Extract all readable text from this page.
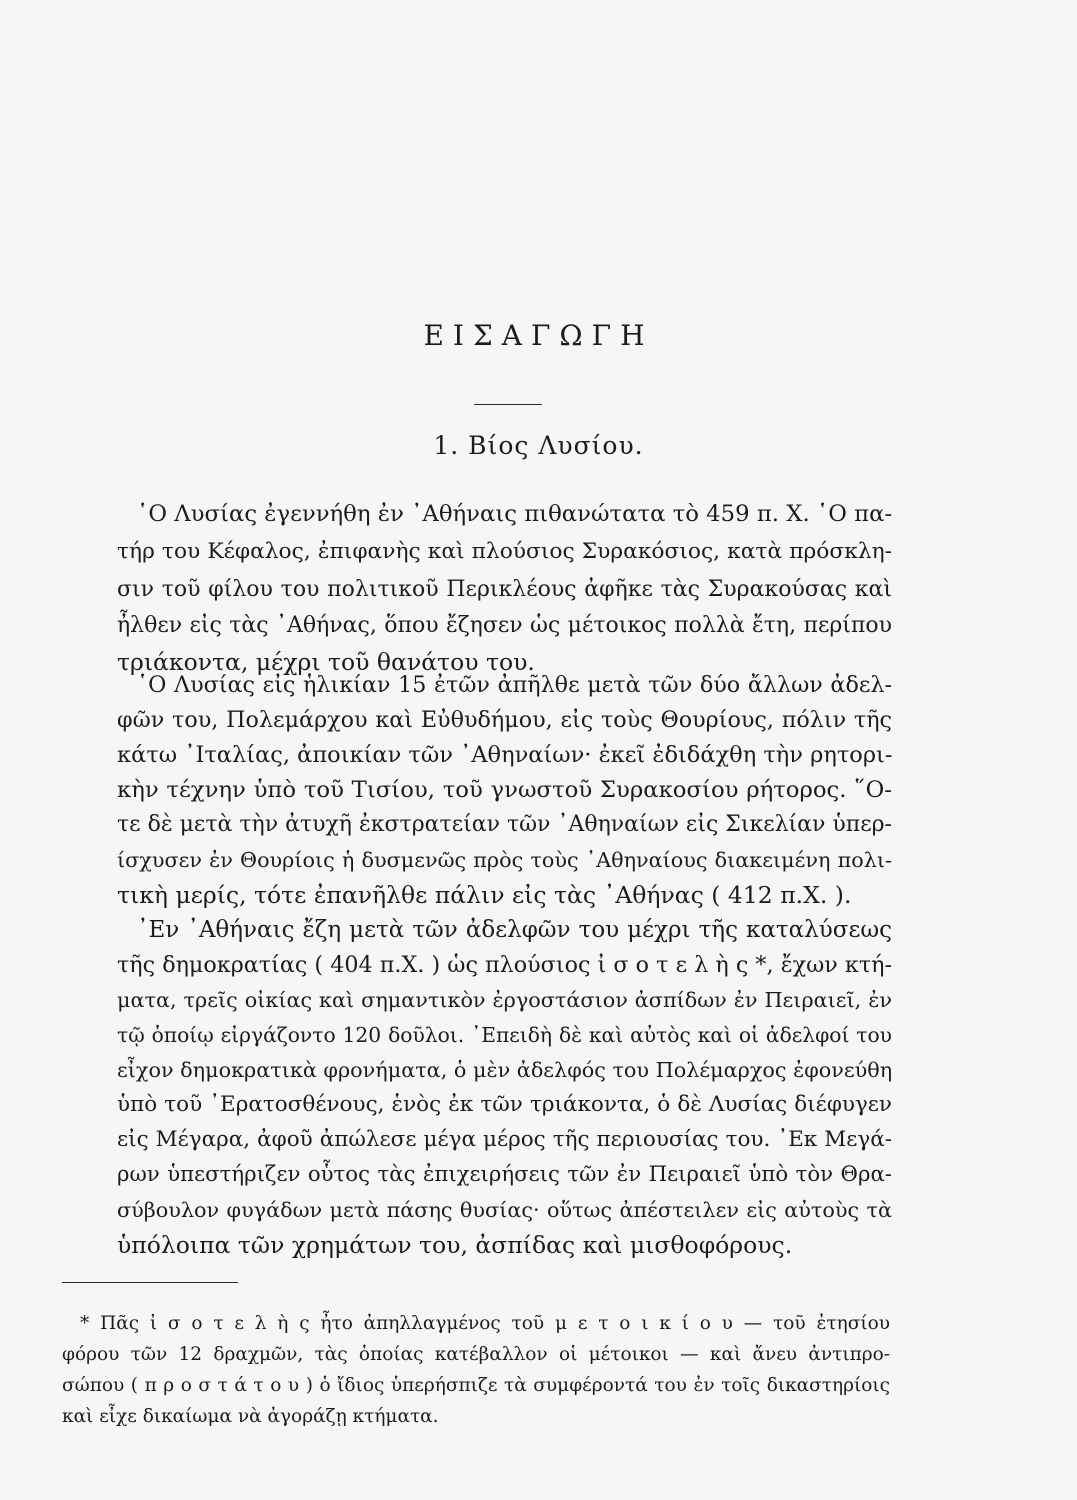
ΕΙΣΑΓΩΓΗ
1. Βίος Λυσίου.
῾Ο Λυσίας ἐγεννήθη ἐν ᾽Αθήναις πιθανώτατα τὸ 459 π. Χ. ῾Ο πα-
τήρ του Κέφαλος, ἐπιφανὴς καὶ πλούσιος Συρακόσιος, κατὰ πρόσκλη-
σιν τοῦ φίλου του πολιτικοῦ Περικλέους ἀφῆκε τὰς Συρακούσας καὶ
ἦλθεν εἰς τὰς ᾽Αθήνας, ὅπου ἔζησεν ὡς μέτοικος πολλὰ ἔτη, περίπου
τριάκοντα, μέχρι τοῦ θανάτου του.
῾Ο Λυσίας εἰς ἡλικίαν 15 ἐτῶν ἀπῆλθε μετὰ τῶν δύο ἄλλων ἀδελ-
φῶν του, Πολεμάρχου καὶ Εὐθυδήμου, εἰς τοὺς Θουρίους, πόλιν τῆς
κάτω ᾽Ιταλίας, ἀποικίαν τῶν ᾽Αθηναίων· ἐκεῖ ἐδιδάχθη τὴν ρητορι-
κὴν τέχνην ὑπὸ τοῦ Τισίου, τοῦ γνωστοῦ Συρακοσίου ρήτορος. ῞Ο-
τε δὲ μετὰ τὴν ἀτυχῆ ἐκστρατείαν τῶν ᾽Αθηναίων εἰς Σικελίαν ὑπερ-
ίσχυσεν ἐν Θουρίοις ἡ δυσμενῶς πρὸς τοὺς ᾽Αθηναίους διακειμένη πολι-
τικὴ μερίς, τότε ἐπανῆλθε πάλιν εἰς τὰς ᾽Αθήνας ( 412 π.Χ. ).
᾽Εν ᾽Αθήναις ἔζη μετὰ τῶν ἀδελφῶν του μέχρι τῆς καταλύσεως
τῆς δημοκρατίας ( 404 π.Χ. ) ὡς πλούσιος ἰ σ ο τ ε λ ὴ ς *, ἔχων κτή-
ματα, τρεῖς οἰκίας καὶ σημαντικὸν ἐργοστάσιον ἀσπίδων ἐν Πειραιεῖ, ἐν
τῷ ὁποίῳ εἰργάζοντο 120 δοῦλοι. ᾽Επειδὴ δὲ καὶ αὐτὸς καὶ οἱ ἀδελφοί του
εἶχον δημοκρατικὰ φρονήματα, ὁ μὲν ἀδελφός του Πολέμαρχος ἐφονεύθη
ὑπὸ τοῦ ᾽Ερατοσθένους, ἑνὸς ἐκ τῶν τριάκοντα, ὁ δὲ Λυσίας διέφυγεν
εἰς Μέγαρα, ἀφοῦ ἀπώλεσε μέγα μέρος τῆς περιουσίας του. ᾽Εκ Μεγά-
ρων ὑπεστήριζεν οὗτος τὰς ἐπιχειρήσεις τῶν ἐν Πειραιεῖ ὑπὸ τὸν Θρα-
σύβουλον φυγάδων μετὰ πάσης θυσίας· οὕτως ἀπέστειλεν εἰς αὐτοὺς τὰ
ὑπόλοιπα τῶν χρημάτων του, ἀσπίδας καὶ μισθοφόρους.
* Πᾶς ἰ σ ο τ ε λ ὴ ς ἦτο ἀπηλλαγμένος τοῦ μ ε τ ο ι κ ί ο υ — τοῦ ἐτησίου
φόρου τῶν 12 δραχμῶν, τὰς ὁποίας κατέβαλλον οἱ μέτοικοι — καὶ ἄνευ ἀντιπρο-
σώπου ( π ρ ο σ τ ά τ ο υ ) ὁ ἴδιος ὑπερήσπιζε τὰ συμφέροντά του ἐν τοῖς δικαστηρίοις
καὶ εἶχε δικαίωμα νὰ ἀγοράζῃ κτήματα.
